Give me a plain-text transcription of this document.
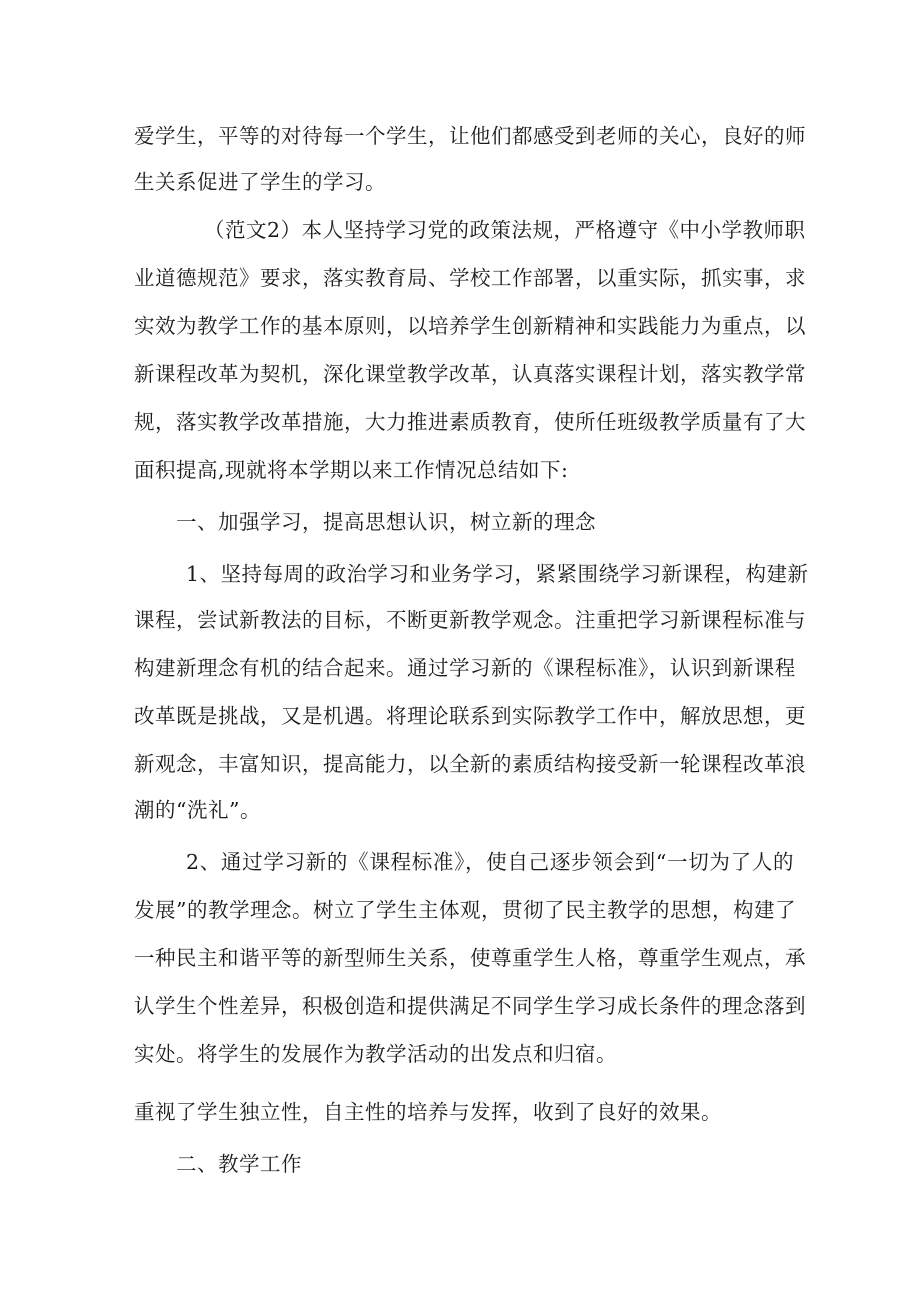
爱学生，平等的对待每一个学生，让他们都感受到老师的关心，良好的师
生关系促进了学生的学习。
（范文2）本人坚持学习党的政策法规，严格遵守《中小学教师职
业道德规范》要求，落实教育局、学校工作部署，以重实际，抓实事，求
实效为教学工作的基本原则，以培养学生创新精神和实践能力为重点，以
新课程改革为契机，深化课堂教学改革，认真落实课程计划，落实教学常
规，落实教学改革措施，大力推进素质教育，使所任班级教学质量有了大
面积提高,现就将本学期以来工作情况总结如下:
一、加强学习，提高思想认识，树立新的理念
1、坚持每周的政治学习和业务学习，紧紧围绕学习新课程，构建新
课程，尝试新教法的目标，不断更新教学观念。注重把学习新课程标准与
构建新理念有机的结合起来。通过学习新的《课程标准》，认识到新课程
改革既是挑战，又是机遇。将理论联系到实际教学工作中，解放思想，更
新观念，丰富知识，提高能力，以全新的素质结构接受新一轮课程改革浪
潮的“洗礼”。
2、通过学习新的《课程标准》，使自己逐步领会到“一切为了人的
发展”的教学理念。树立了学生主体观，贯彻了民主教学的思想，构建了
一种民主和谐平等的新型师生关系，使尊重学生人格，尊重学生观点，承
认学生个性差异，积极创造和提供满足不同学生学习成长条件的理念落到
实处。将学生的发展作为教学活动的出发点和归宿。
重视了学生独立性，自主性的培养与发挥，收到了良好的效果。
二、教学工作
